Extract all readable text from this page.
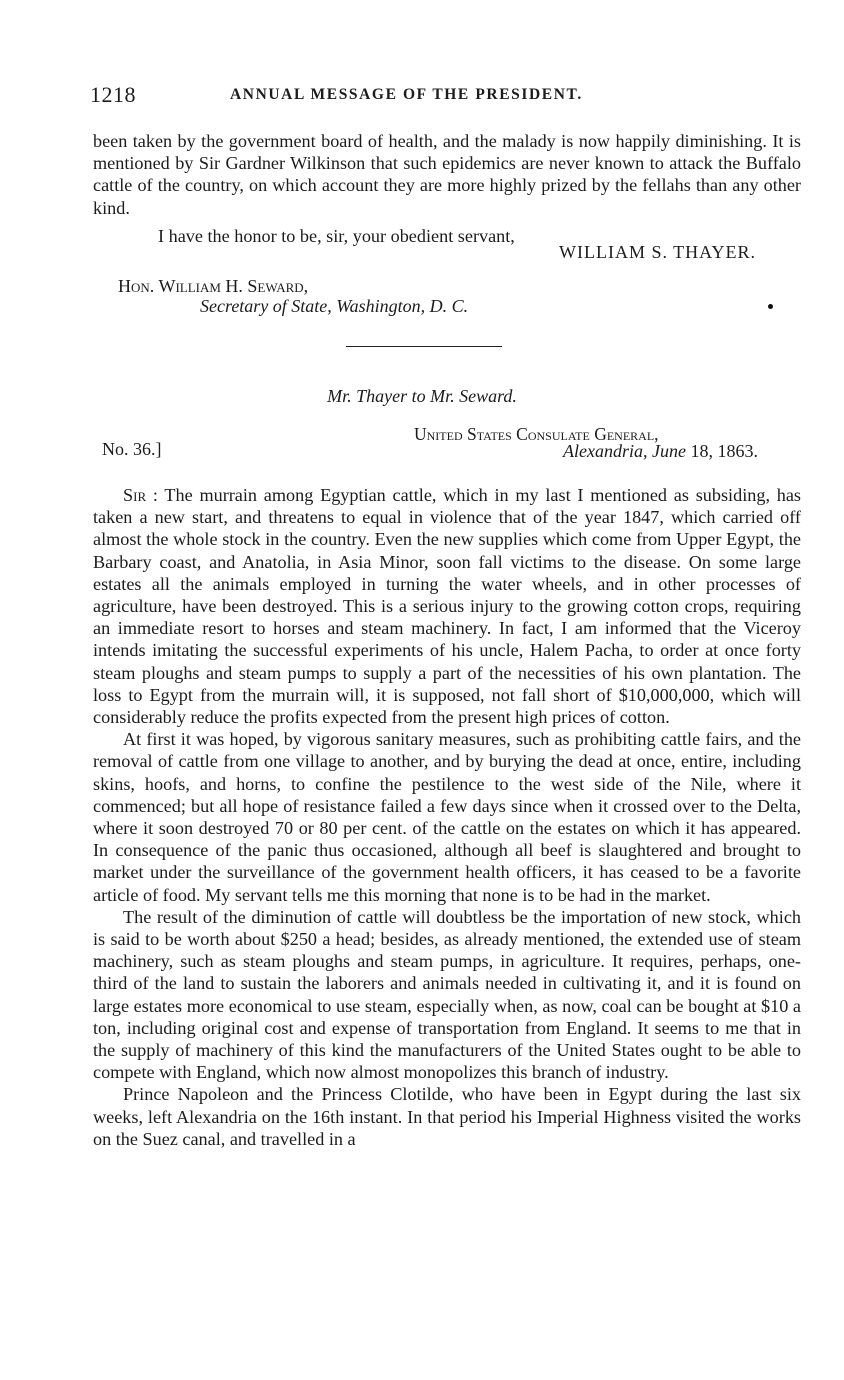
1218	ANNUAL MESSAGE OF THE PRESIDENT.

been taken by the government board of health, and the malady is now happily diminishing. It is mentioned by Sir Gardner Wilkinson that such epidemics are never known to attack the Buffalo cattle of the country, on which account they are more highly prized by the fellahs than any other kind.

I have the honor to be, sir, your obedient servant,
WILLIAM S. THAYER.
Hon. William H. Seward,
Secretary of State, Washington, D. C.
Mr. Thayer to Mr. Seward.
No. 36.]
United States Consulate General,
Alexandria, June 18, 1863.

Sir : The murrain among Egyptian cattle, which in my last I mentioned as subsiding, has taken a new start, and threatens to equal in violence that of the year 1847, which carried off almost the whole stock in the country. Even the new supplies which come from Upper Egypt, the Barbary coast, and Anatolia, in Asia Minor, soon fall victims to the disease. On some large estates all the animals employed in turning the water wheels, and in other processes of agriculture, have been destroyed. This is a serious injury to the growing cotton crops, requiring an immediate resort to horses and steam machinery. In fact, I am informed that the Viceroy intends imitating the successful experiments of his uncle, Halem Pacha, to order at once forty steam ploughs and steam pumps to supply a part of the necessities of his own plantation. The loss to Egypt from the murrain will, it is supposed, not fall short of $10,000,000, which will considerably reduce the profits expected from the present high prices of cotton.

At first it was hoped, by vigorous sanitary measures, such as prohibiting cattle fairs, and the removal of cattle from one village to another, and by burying the dead at once, entire, including skins, hoofs, and horns, to confine the pestilence to the west side of the Nile, where it commenced; but all hope of resistance failed a few days since when it crossed over to the Delta, where it soon destroyed 70 or 80 per cent. of the cattle on the estates on which it has appeared. In consequence of the panic thus occasioned, although all beef is slaughtered and brought to market under the surveillance of the government health officers, it has ceased to be a favorite article of food. My servant tells me this morning that none is to be had in the market.

The result of the diminution of cattle will doubtless be the importation of new stock, which is said to be worth about $250 a head; besides, as already mentioned, the extended use of steam machinery, such as steam ploughs and steam pumps, in agriculture. It requires, perhaps, one-third of the land to sustain the laborers and animals needed in cultivating it, and it is found on large estates more economical to use steam, especially when, as now, coal can be bought at $10 a ton, including original cost and expense of transportation from England. It seems to me that in the supply of machinery of this kind the manufacturers of the United States ought to be able to compete with England, which now almost monopolizes this branch of industry.

Prince Napoleon and the Princess Clotilde, who have been in Egypt during the last six weeks, left Alexandria on the 16th instant. In that period his Imperial Highness visited the works on the Suez canal, and travelled in a
